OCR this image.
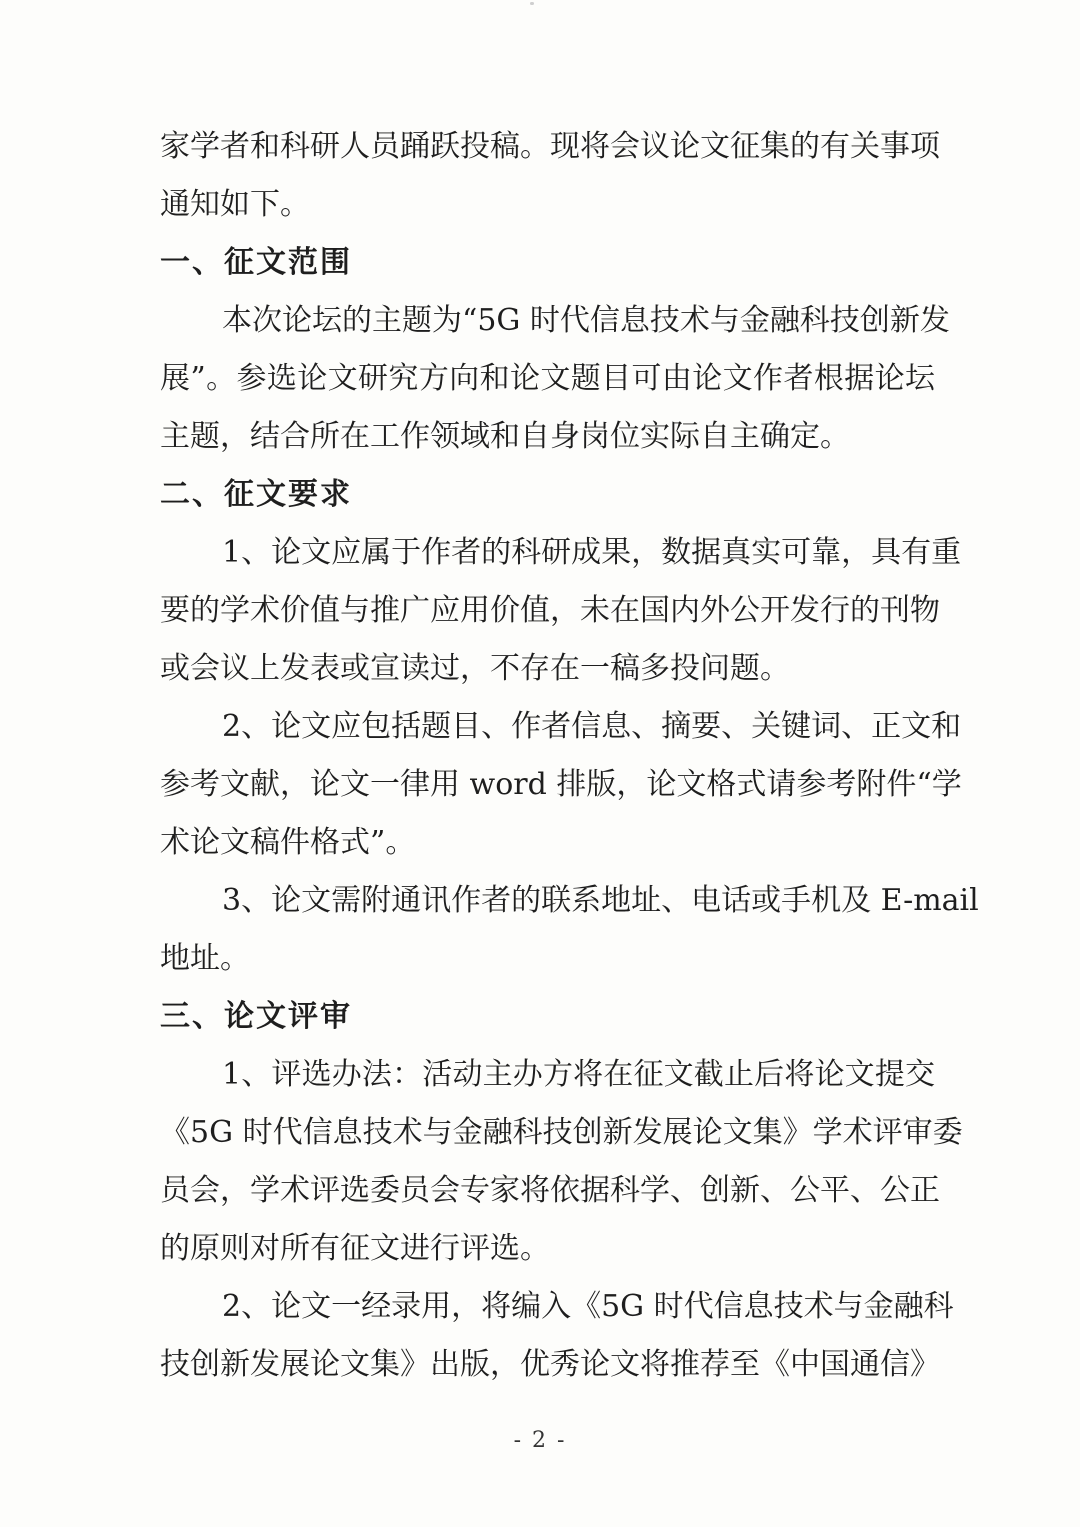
家学者和科研人员踊跃投稿。现将会议论文征集的有关事项
通知如下。
一、征文范围
本次论坛的主题为“5G 时代信息技术与金融科技创新发
展”。参选论文研究方向和论文题目可由论文作者根据论坛
主题，结合所在工作领域和自身岗位实际自主确定。
二、征文要求
1、论文应属于作者的科研成果，数据真实可靠，具有重
要的学术价值与推广应用价值，未在国内外公开发行的刊物
或会议上发表或宣读过，不存在一稿多投问题。
2、论文应包括题目、作者信息、摘要、关键词、正文和
参考文献，论文一律用 word 排版，论文格式请参考附件“学
术论文稿件格式”。
3、论文需附通讯作者的联系地址、电话或手机及 E-mail
地址。
三、论文评审
1、评选办法：活动主办方将在征文截止后将论文提交
《5G 时代信息技术与金融科技创新发展论文集》学术评审委
员会，学术评选委员会专家将依据科学、创新、公平、公正
的原则对所有征文进行评选。
2、论文一经录用，将编入《5G 时代信息技术与金融科
技创新发展论文集》出版，优秀论文将推荐至《中国通信》
- 2 -
